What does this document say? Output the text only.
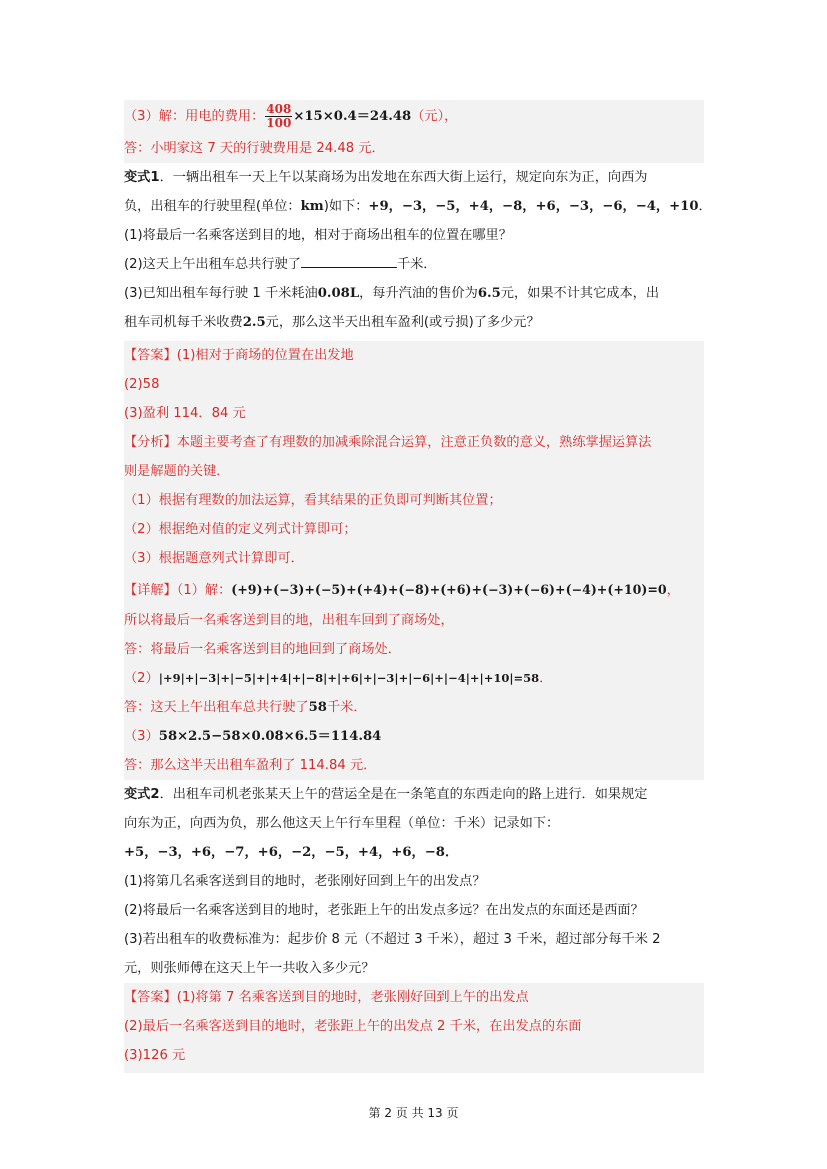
（3）解：用电的费用： $\frac{408}{100} \times 15\times 0.4=24.48$（元），
答：小明家这 7 天的行驶费用是 24.48 元．
变式1．一辆出租车一天上午以某商场为出发地在东西大街上运行，规定向东为正，向西为
负，出租车的行驶里程(单位：km)如下：+9，−3，−5，+4，−8，+6，−3，−6，−4，+10．
(1)将最后一名乘客送到目的地，相对于商场出租车的位置在哪里？
(2)这天上午出租车总共行驶了	千米．
(3)已知出租车每行驶 1 千米耗油0.08L，每升汽油的售价为6.5元，如果不计其它成本，出
租车司机每千米收费2.5元，那么这半天出租车盈利(或亏损)了多少元？
【答案】(1)相对于商场的位置在出发地
(2)58
(3)盈利 114．84 元
【分析】本题主要考查了有理数的加减乘除混合运算，注意正负数的意义，熟练掌握运算法
则是解题的关键．
（1）根据有理数的加法运算，看其结果的正负即可判断其位置；
（2）根据绝对值的定义列式计算即可；
（3）根据题意列式计算即可．
【详解】（1）解：(+9)+(−3)+(−5)+(+4)+(−8)+(+6)+(−3)+(−6)+(−4)+(+10)=0，
所以将最后一名乘客送到目的地，出租车回到了商场处，
答：将最后一名乘客送到目的地回到了商场处．
（2）|+9|+|−3|+|−5|+|+4|+|−8|+|+6|+|−3|+|−6|+|−4|+|+10|=58．
答：这天上午出租车总共行驶了58千米．
（3）58×2.5−58×0.08×6.5＝114.84
答：那么这半天出租车盈利了 114.84 元．
变式2．出租车司机老张某天上午的营运全是在一条笔直的东西走向的路上进行．如果规定
向东为正，向西为负，那么他这天上午行车里程（单位：千米）记录如下：
+5，−3，+6，−7，+6，−2，−5，+4，+6，−8．
(1)将第几名乘客送到目的地时，老张刚好回到上午的出发点？
(2)将最后一名乘客送到目的地时，老张距上午的出发点多远？在出发点的东面还是西面？
(3)若出租车的收费标准为：起步价 8 元（不超过 3 千米），超过 3 千米，超过部分每千米 2
元，则张师傅在这天上午一共收入多少元？
【答案】(1)将第 7 名乘客送到目的地时，老张刚好回到上午的出发点
(2)最后一名乘客送到目的地时，老张距上午的出发点 2 千米，在出发点的东面
(3)126 元
第 2 页 共 13 页
